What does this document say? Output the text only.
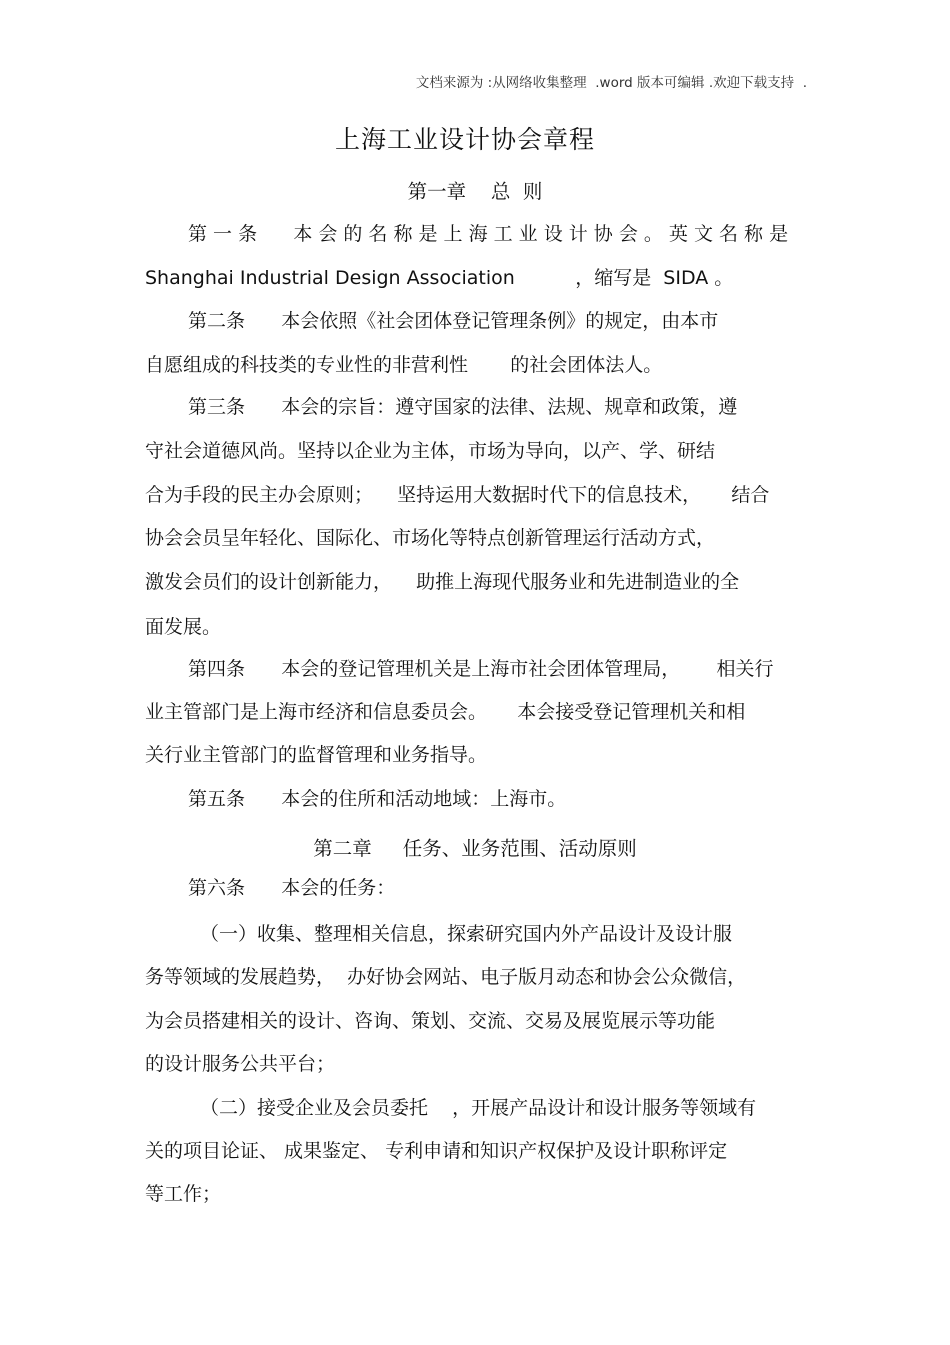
文档来源为 :从网络收集整理  .word 版本可编辑 .欢迎下载支持  .
上海工业设计协会章程
第一章    总  则
第 一 条      本 会 的 名 称 是 上 海 工 业 设 计 协 会 。 英 文 名 称 是
Shanghai Industrial Design Association          ，缩写是  SIDA 。
第二条      本会依照《社会团体登记管理条例》的规定，由本市
自愿组成的科技类的专业性的非营利性       的社会团体法人。
第三条      本会的宗旨：遵守国家的法律、法规、规章和政策，遵
守社会道德风尚。坚持以企业为主体，市场为导向，以产、学、研结
合为手段的民主办会原则；    坚持运用大数据时代下的信息技术，     结合
协会会员呈年轻化、国际化、市场化等特点创新管理运行活动方式，
激发会员们的设计创新能力，    助推上海现代服务业和先进制造业的全
面发展。
第四条      本会的登记管理机关是上海市社会团体管理局，      相关行
业主管部门是上海市经济和信息委员会。     本会接受登记管理机关和相
关行业主管部门的监督管理和业务指导。
第五条      本会的住所和活动地域：上海市。
第二章     任务、业务范围、活动原则
第六条      本会的任务：
（一）收集、整理相关信息，探索研究国内外产品设计及设计服
务等领域的发展趋势，  办好协会网站、电子版月动态和协会公众微信，
为会员搭建相关的设计、咨询、策划、交流、交易及展览展示等功能
的设计服务公共平台；
（二）接受企业及会员委托    ，开展产品设计和设计服务等领域有
关的项目论证、 成果鉴定、 专利申请和知识产权保护及设计职称评定
等工作；
